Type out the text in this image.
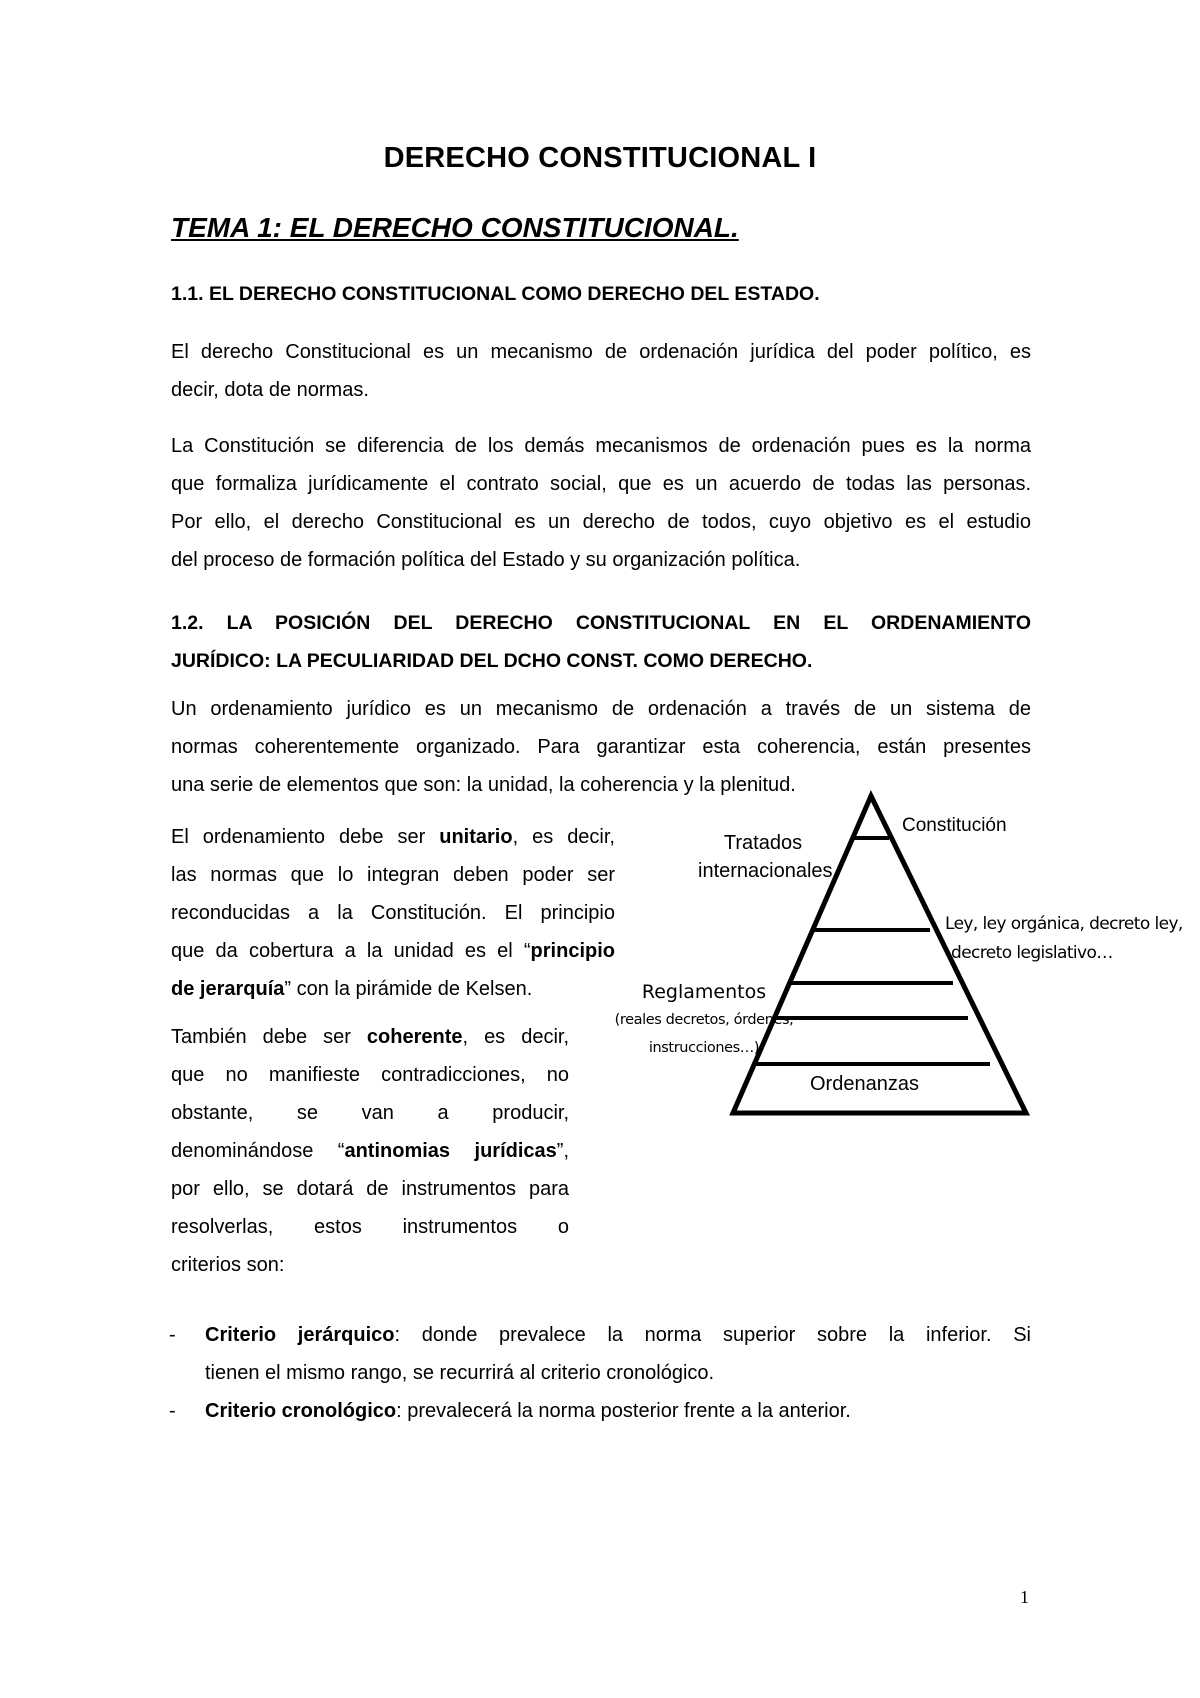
DERECHO CONSTITUCIONAL I
TEMA 1: EL DERECHO CONSTITUCIONAL.
1.1. EL DERECHO CONSTITUCIONAL COMO DERECHO DEL ESTADO.
El derecho Constitucional es un mecanismo de ordenación jurídica del poder político, es
decir, dota de normas.
La Constitución se diferencia de los demás mecanismos de ordenación pues es la norma
que formaliza jurídicamente el contrato social, que es un acuerdo de todas las personas.
Por ello, el derecho Constitucional es un derecho de todos, cuyo objetivo es el estudio
del proceso de formación política del Estado y su organización política.
1.2. LA POSICIÓN DEL DERECHO CONSTITUCIONAL EN EL ORDENAMIENTO
JURÍDICO: LA PECULIARIDAD DEL DCHO CONST. COMO DERECHO.
Un ordenamiento jurídico es un mecanismo de ordenación a través de un sistema de
normas coherentemente organizado. Para garantizar esta coherencia, están presentes
una serie de elementos que son: la unidad, la coherencia y la plenitud.
El ordenamiento debe ser unitario, es decir,
las normas que lo integran deben poder ser
reconducidas a la Constitución. El principio
que da cobertura a la unidad es el “principio
de jerarquía” con la pirámide de Kelsen.
También debe ser coherente, es decir,
que no manifieste contradicciones, no
obstante, se van a producir,
denominándose “antinomias jurídicas”,
por ello, se dotará de instrumentos para
resolverlas, estos instrumentos o
criterios son:
Constitución
Tratados
internacionales
Ley, ley orgánica, decreto ley,
decreto legislativo…
Reglamentos
(reales decretos, órdenes,
instrucciones…)
Ordenanzas
- Criterio jerárquico: donde prevalece la norma superior sobre la inferior. Si
tienen el mismo rango, se recurrirá al criterio cronológico.
- Criterio cronológico: prevalecerá la norma posterior frente a la anterior.
1
